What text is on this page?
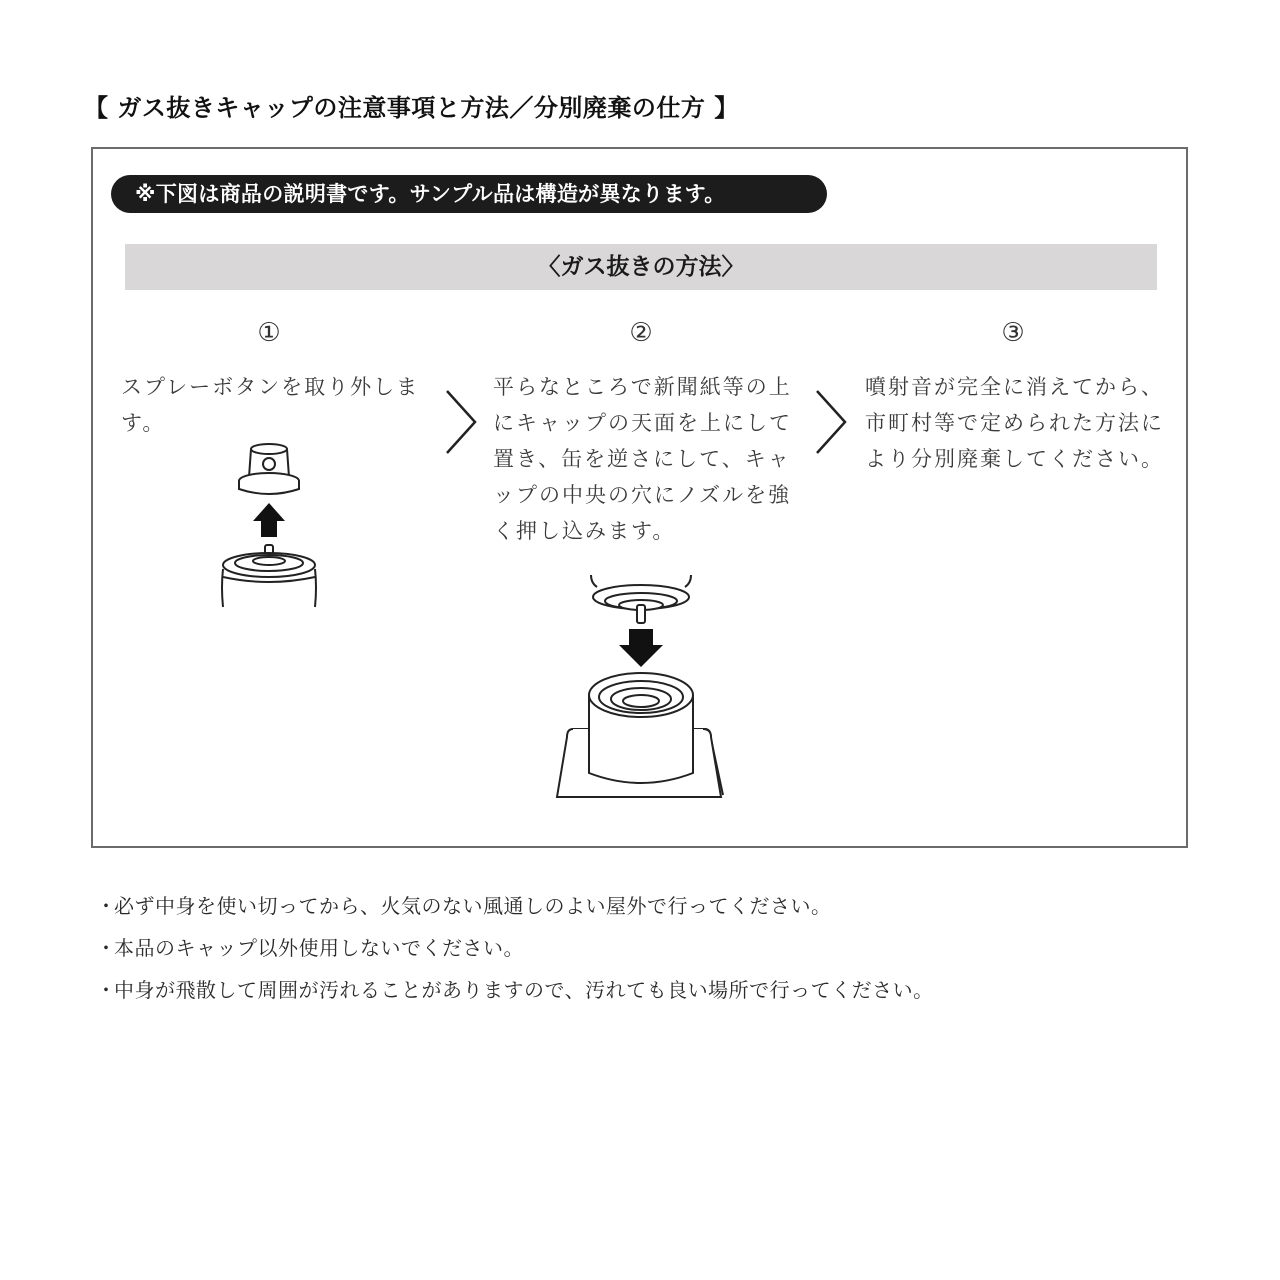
【 ガス抜きキャップの注意事項と方法／分別廃棄の仕方 】
※下図は商品の説明書です。サンプル品は構造が異なります。
〈ガス抜きの方法〉
①
スプレーボタンを取り外します。
②
平らなところで新聞紙等の上にキャップの天面を上にして置き、缶を逆さにして、キャップの中央の穴にノズルを強く押し込みます。
③
噴射音が完全に消えてから、市町村等で定められた方法により分別廃棄してください。
・必ず中身を使い切ってから、火気のない風通しのよい屋外で行ってください。
・本品のキャップ以外使用しないでください。
・中身が飛散して周囲が汚れることがありますので、汚れても良い場所で行ってください。
